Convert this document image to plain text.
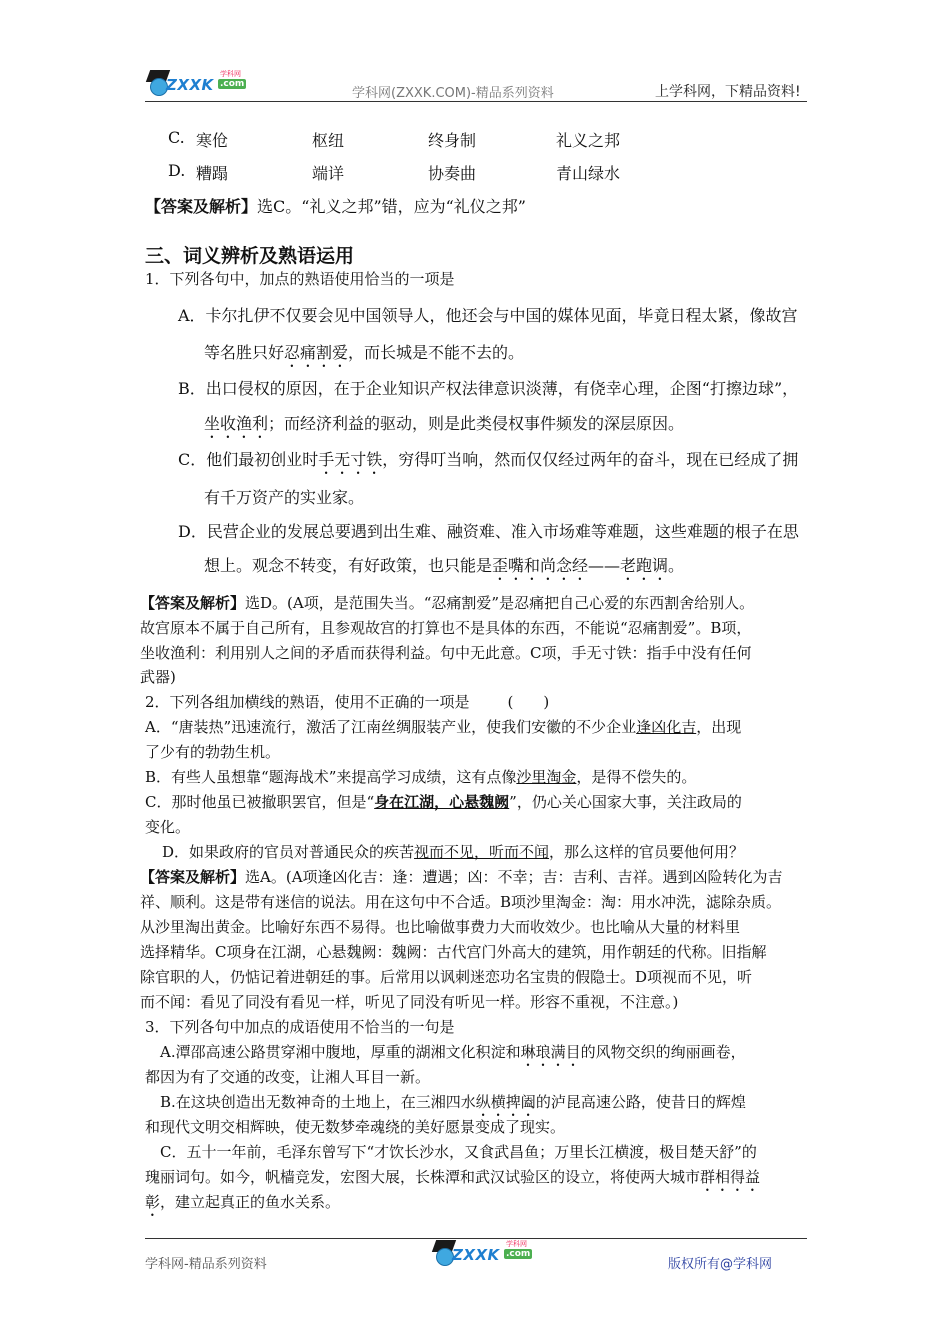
ZXXK .com
学科网
学科网(ZXXK.COM)-精品系列资料	上学科网，下精品资料!
C. 寒伧	枢纽	终身制	礼义之邦
D. 糟蹋	端详	协奏曲	青山绿水
【答案及解析】选C。“礼义之邦”错，应为“礼仪之邦”
三、词义辨析及熟语运用
1．下列各句中，加点的熟语使用恰当的一项是
A．卡尔扎伊不仅要会见中国领导人，他还会与中国的媒体见面，毕竟日程太紧，像故宫
等名胜只好忍痛割爱，而长城是不能不去的。
B．出口侵权的原因，在于企业知识产权法律意识淡薄，有侥幸心理，企图“打擦边球”，
坐收渔利；而经济利益的驱动，则是此类侵权事件频发的深层原因。
C．他们最初创业时手无寸铁，穷得叮当响，然而仅仅经过两年的奋斗，现在已经成了拥
有千万资产的实业家。
D．民营企业的发展总要遇到出生难、融资难、准入市场难等难题，这些难题的根子在思
想上。观念不转变，有好政策，也只能是歪嘴和尚念经——老跑调。
【答案及解析】选D。(A项，是范围失当。“忍痛割爱”是忍痛把自己心爱的东西割舍给别人。
故宫原本不属于自己所有，且参观故宫的打算也不是具体的东西，不能说“忍痛割爱”。B项，
坐收渔利：利用别人之间的矛盾而获得利益。句中无此意。C项，手无寸铁：指手中没有任何
武器)
2．下列各组加横线的熟语，使用不正确的一项是	(　　)
A．“唐装热”迅速流行，激活了江南丝绸服装产业，使我们安徽的不少企业逢凶化吉，出现
了少有的勃勃生机。
B．有些人虽想靠“题海战术”来提高学习成绩，这有点像沙里淘金，是得不偿失的。
C．那时他虽已被撤职罢官，但是“身在江湖，心悬魏阙”，仍心关心国家大事，关注政局的
变化。
D．如果政府的官员对普通民众的疾苦视而不见，听而不闻，那么这样的官员要他何用？
【答案及解析】选A。(A项逢凶化吉：逢：遭遇；凶：不幸；吉：吉利、吉祥。遇到凶险转化为吉
祥、顺利。这是带有迷信的说法。用在这句中不合适。B项沙里淘金：淘：用水冲洗，滤除杂质。
从沙里淘出黄金。比喻好东西不易得。也比喻做事费力大而收效少。也比喻从大量的材料里
选择精华。C项身在江湖，心悬魏阙：魏阙：古代宫门外高大的建筑，用作朝廷的代称。旧指解
除官职的人，仍惦记着进朝廷的事。后常用以讽刺迷恋功名宝贵的假隐士。D项视而不见，听
而不闻：看见了同没有看见一样，听见了同没有听见一样。形容不重视，不注意。)
3．下列各句中加点的成语使用不恰当的一句是
A.潭邵高速公路贯穿湘中腹地，厚重的湖湘文化积淀和琳琅满目的风物交织的绚丽画卷，
都因为有了交通的改变，让湘人耳目一新。
B.在这块创造出无数神奇的土地上，在三湘四水纵横捭阖的泸昆高速公路，使昔日的辉煌
和现代文明交相辉映，使无数梦牵魂绕的美好愿景变成了现实。
C．五十一年前，毛泽东曾写下“才饮长沙水，又食武昌鱼；万里长江横渡，极目楚天舒”的
瑰丽词句。如今，帆樯竞发，宏图大展，长株潭和武汉试验区的设立，将使两大城市群相得益
彰，建立起真正的鱼水关系。
学科网-精品系列资料
ZXXK .com
学科网
版权所有@学科网
